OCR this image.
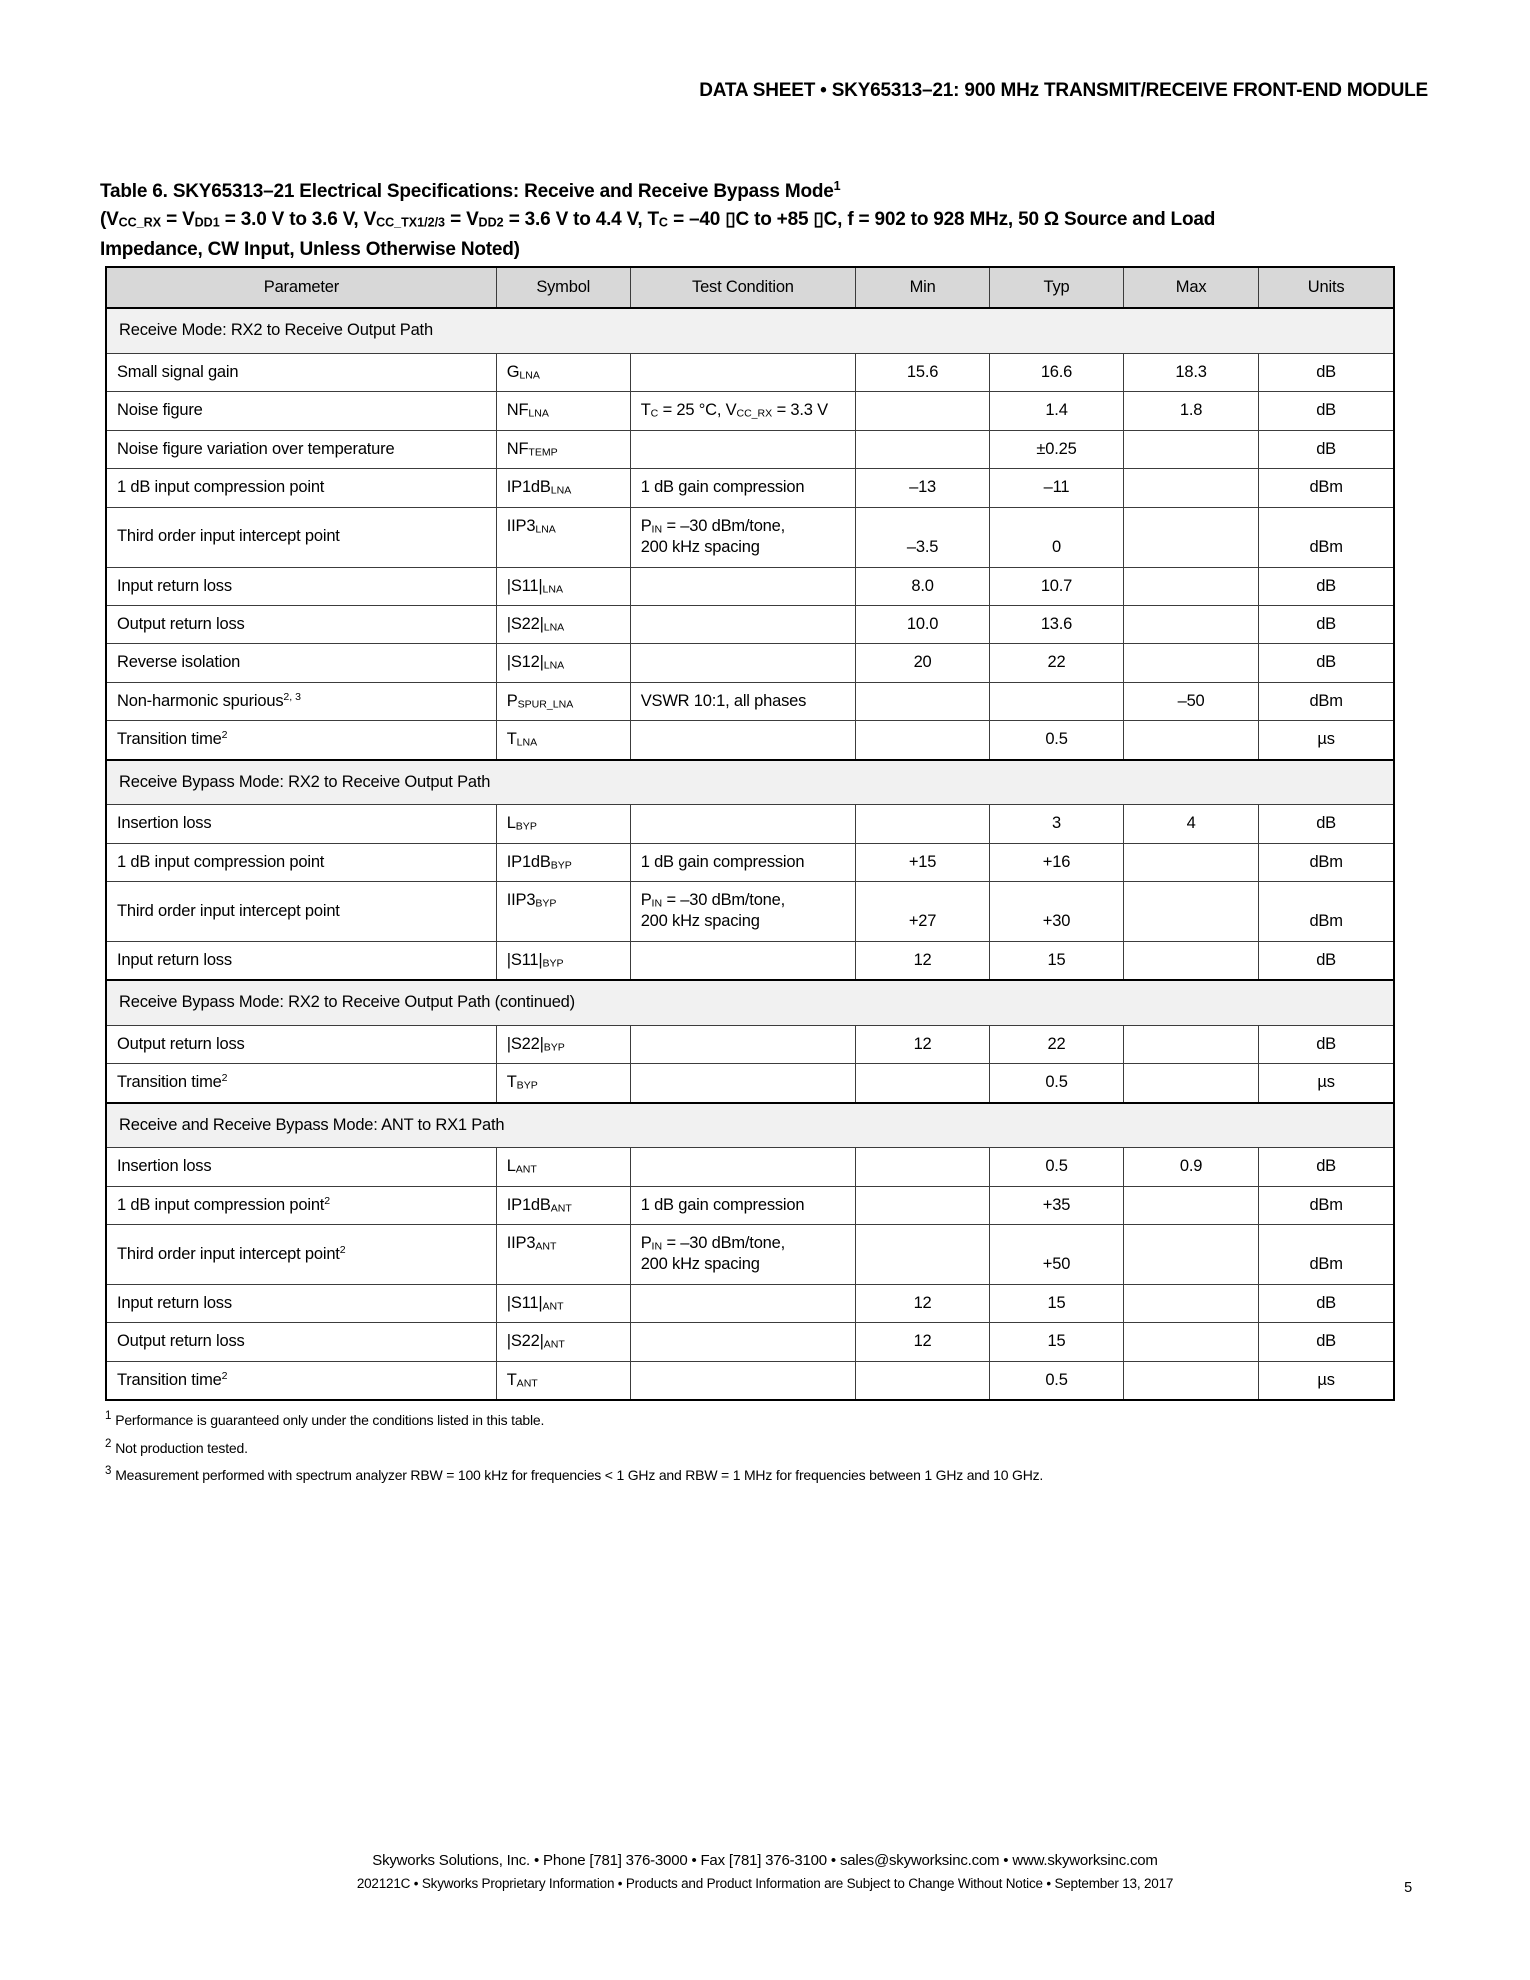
DATA SHEET • SKY65313–21: 900 MHz TRANSMIT/RECEIVE FRONT-END MODULE
Table 6. SKY65313–21 Electrical Specifications: Receive and Receive Bypass Mode$^1$
($V_{CC\_RX} = V_{DD1} = 3.0$ V to 3.6 V, $V_{CC\_TX1/2/3} = V_{DD2} = 3.6$ V to 4.4 V, $T_C = -40$ ▯C to +85 ▯C, f = 902 to 928 MHz, 50 Ω Source and Load
Impedance, CW Input, Unless Otherwise Noted)
Parameter	Symbol	Test Condition	Min	Typ	Max	Units
Receive Mode: RX2 to Receive Output Path						
Small signal gain	$G_{LNA}$		15.6	16.6	18.3	dB
Noise figure	$NF_{LNA}$	$T_C = 25$ °C, $V_{CC\_RX} = 3.3$ V		1.4	1.8	dB
Noise figure variation over temperature	$NF_{TEMP}$			±0.25		dB
1 dB input compression point	$IP1dB_{LNA}$	1 dB gain compression	–13	–11		dBm
Third order input intercept point	$IIP3_{LNA}$	$P_{IN} = -30$ dBm/tone,
200 kHz spacing	–3.5	0		dBm
Input return loss	$|S11|_{LNA}$		8.0	10.7		dB
Output return loss	$|S22|_{LNA}$		10.0	13.6		dB
Reverse isolation	$|S12|_{LNA}$		20	22		dB
Non-harmonic spurious$^{2, 3}$	$P_{SPUR\_LNA}$	VSWR 10:1, all phases			–50	dBm
Transition time$^2$	$T_{LNA}$			0.5		µs
Receive Bypass Mode: RX2 to Receive Output Path						
Insertion loss	$L_{BYP}$			3	4	dB
1 dB input compression point	$IP1dB_{BYP}$	1 dB gain compression	+15	+16		dBm
Third order input intercept point	$IIP3_{BYP}$	$P_{IN} = -30$ dBm/tone,
200 kHz spacing	+27	+30		dBm
Input return loss	$|S11|_{BYP}$		12	15		dB
Receive Bypass Mode: RX2 to Receive Output Path (continued)						
Output return loss	$|S22|_{BYP}$		12	22		dB
Transition time$^2$	$T_{BYP}$			0.5		µs
Receive and Receive Bypass Mode: ANT to RX1 Path						
Insertion loss	$L_{ANT}$			0.5	0.9	dB
1 dB input compression point$^2$	$IP1dB_{ANT}$	1 dB gain compression		+35		dBm
Third order input intercept point$^2$	$IIP3_{ANT}$	$P_{IN} = -30$ dBm/tone,
200 kHz spacing		+50		dBm
Input return loss	$|S11|_{ANT}$		12	15		dB
Output return loss	$|S22|_{ANT}$		12	15		dB
Transition time$^2$	$T_{ANT}$			0.5		µs
$^1$ Performance is guaranteed only under the conditions listed in this table.
$^2$ Not production tested.
$^3$ Measurement performed with spectrum analyzer RBW = 100 kHz for frequencies < 1 GHz and RBW = 1 MHz for frequencies between 1 GHz and 10 GHz.
Skyworks Solutions, Inc. • Phone [781] 376-3000 • Fax [781] 376-3100 • sales@skyworksinc.com • www.skyworksinc.com
202121C • Skyworks Proprietary Information • Products and Product Information are Subject to Change Without Notice • September 13, 2017	5
